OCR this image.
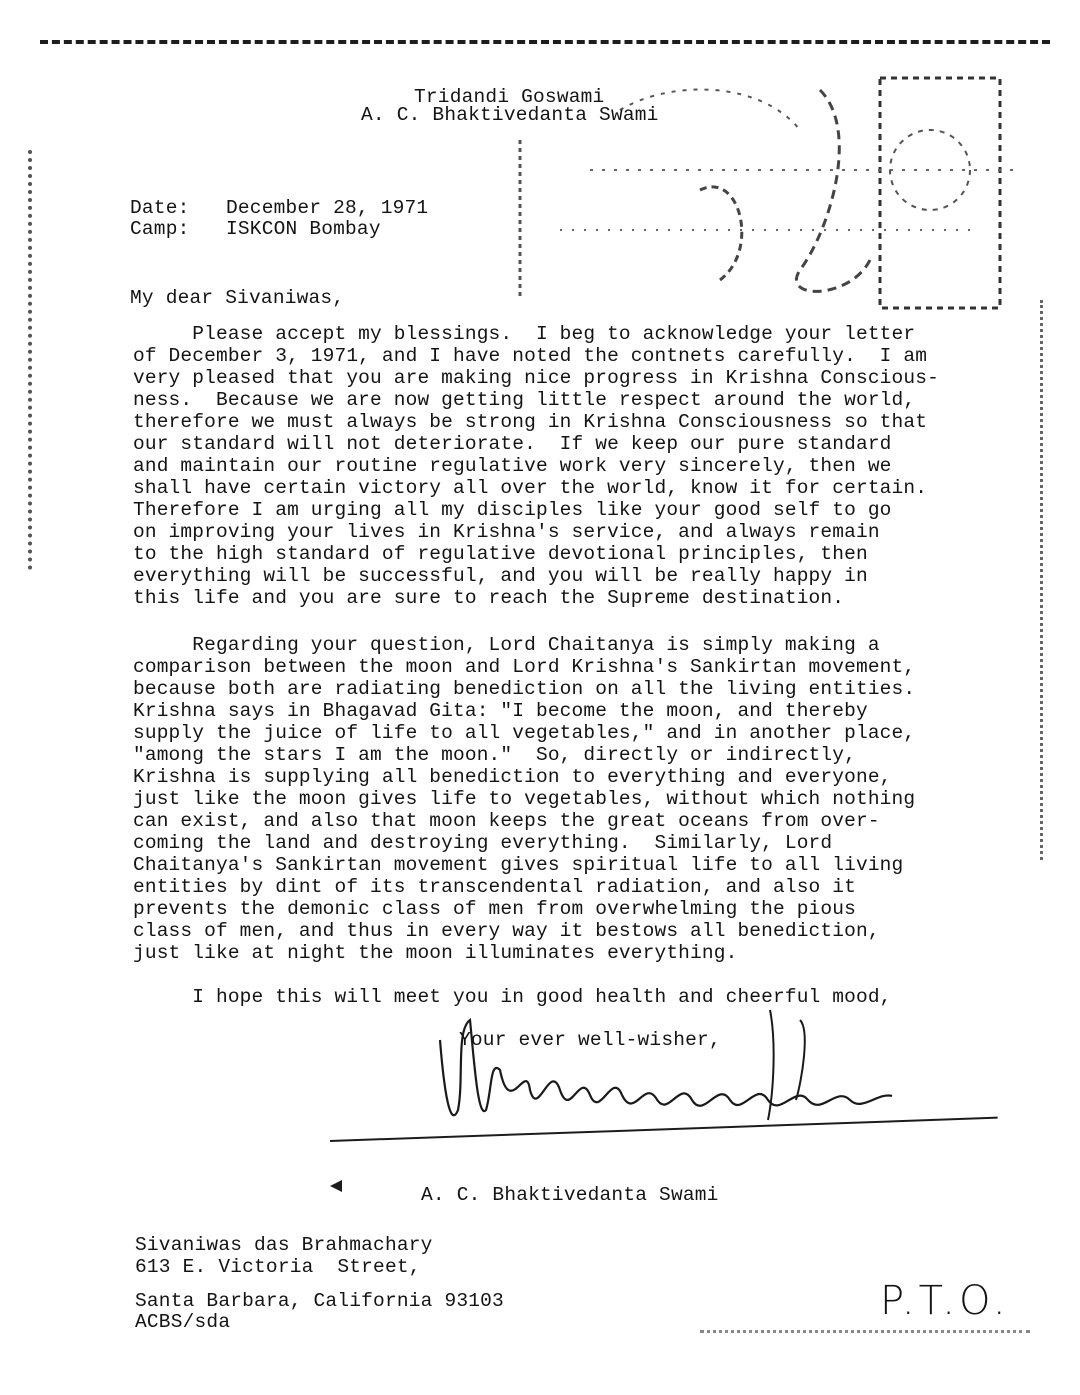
Tridandi Goswami
A. C. Bhaktivedanta Swami
Date: December 28, 1971
Camp: ISKCON Bombay
My dear Sivaniwas,
Please accept my blessings.  I beg to acknowledge your letter
of December 3, 1971, and I have noted the contnets carefully.  I am
very pleased that you are making nice progress in Krishna Conscious-
ness.  Because we are now getting little respect around the world,
therefore we must always be strong in Krishna Consciousness so that
our standard will not deteriorate.  If we keep our pure standard
and maintain our routine regulative work very sincerely, then we
shall have certain victory all over the world, know it for certain.
Therefore I am urging all my disciples like your good self to go
on improving your lives in Krishna's service, and always remain
to the high standard of regulative devotional principles, then
everything will be successful, and you will be really happy in
this life and you are sure to reach the Supreme destination.
Regarding your question, Lord Chaitanya is simply making a
comparison between the moon and Lord Krishna's Sankirtan movement,
because both are radiating benediction on all the living entities.
Krishna says in Bhagavad Gita: "I become the moon, and thereby
supply the juice of life to all vegetables," and in another place,
"among the stars I am the moon."  So, directly or indirectly,
Krishna is supplying all benediction to everything and everyone,
just like the moon gives life to vegetables, without which nothing
can exist, and also that moon keeps the great oceans from over-
coming the land and destroying everything.  Similarly, Lord
Chaitanya's Sankirtan movement gives spiritual life to all living
entities by dint of its transcendental radiation, and also it
prevents the demonic class of men from overwhelming the pious
class of men, and thus in every way it bestows all benediction,
just like at night the moon illuminates everything.
I hope this will meet you in good health and cheerful mood,
Your ever well-wisher,
A. C. Bhaktivedanta Swami
Sivaniwas das Brahmachary
613 E. Victoria  Street,
Santa Barbara, California 93103
ACBS/sda	P.T.O.
